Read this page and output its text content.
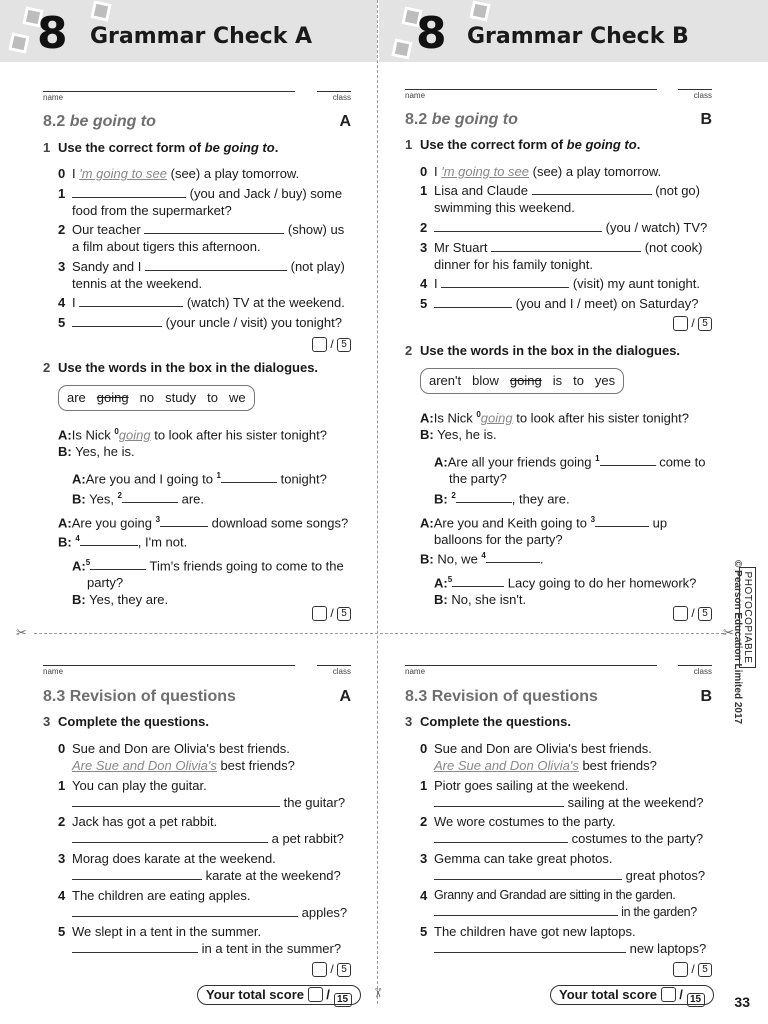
8 Grammar Check A 8 Grammar Check B
✂	✂
✂
name	class
8.2 be going to	A
1 Use the correct form of be going to.
0 I 'm going to see (see) a play tomorrow.
1	(you and Jack / buy) some food from the supermarket?
2 Our teacher	(show) us a film about tigers this afternoon.
3 Sandy and I	(not play) tennis at the weekend.
4 I	(watch) TV at the weekend.
5	(your uncle / visit) you tonight?
/ 5
2 Use the words in the box in the dialogues.
are going no study to we
A:Is Nick $^0$going to look after his sister tonight?
B: Yes, he is.
A:Are you and I going to $^1$	tonight?
B: Yes, $^2$	are.
A:Are you going $^3$	download some songs?
B: $^4$	, I'm not.
A:$^5$	Tim's friends going to come to the party?
B: Yes, they are.
/ 5
name	class
8.3 Revision of questions	A
3 Complete the questions.
0 Sue and Don are Olivia's best friends.
Are Sue and Don Olivia's best friends?
1 You can play the guitar.
the guitar?
2 Jack has got a pet rabbit.
a pet rabbit?
3 Morag does karate at the weekend.
karate at the weekend?
4 The children are eating apples.
apples?
5 We slept in a tent in the summer.
in a tent in the summer?
/ 5
Your total score / 15
name	class
8.2 be going to	B
1 Use the correct form of be going to.
0 I 'm going to see (see) a play tomorrow.
1 Lisa and Claude	(not go) swimming this weekend.
2	(you / watch) TV?
3 Mr Stuart	(not cook) dinner for his family tonight.
4 I	(visit) my aunt tonight.
5	(you and I / meet) on Saturday?
/ 5
2 Use the words in the box in the dialogues.
aren't blow going is to yes
A:Is Nick $^0$going to look after his sister tonight?
B: Yes, he is.
A:Are all your friends going $^1$	come to the party?
B: $^2$	, they are.
A:Are you and Keith going to $^3$	up balloons for the party?
B: No, we $^4$	.
A:$^5$	Lacy going to do her homework?
B: No, she isn't.
/ 5
name	class
8.3 Revision of questions	B
3 Complete the questions.
0 Sue and Don are Olivia's best friends.
Are Sue and Don Olivia's best friends?
1 Piotr goes sailing at the weekend.
sailing at the weekend?
2 We wore costumes to the party.
costumes to the party?
3 Gemma can take great photos.
great photos?
4 Granny and Grandad are sitting in the garden.
in the garden?
5 The children have got new laptops.
new laptops?
/ 5
Your total score / 15
© Pearson Education Limited 2017 PHOTOCOPIABLE
33
